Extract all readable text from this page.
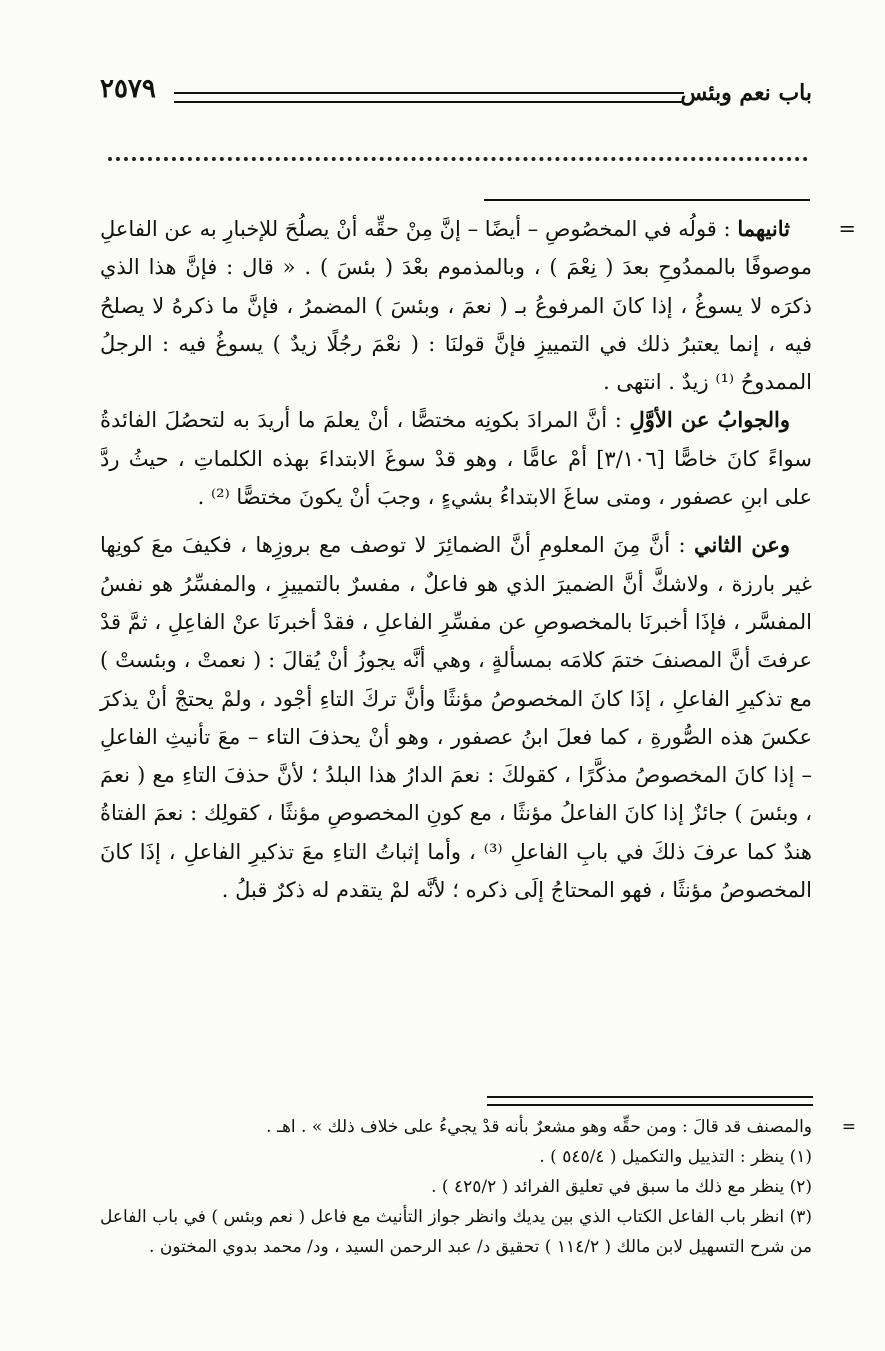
باب نعم وبئس
٢٥٧٩
=

ثانيهما : قولُه في المخصُوصِ – أيضًا – إنَّ مِنْ حقِّه أنْ يصلُحَ للإخبارِ به عن الفاعلِ موصوفًا بالممدُوحِ بعدَ ( نِعْمَ ) ، وبالمذموم بعْدَ ( بئسَ ) . « قال : فإنَّ هذا الذي ذكرَه لا يسوغُ ، إذا كانَ المرفوعُ بـ ( نعمَ ، وبئسَ ) المضمرُ ، فإنَّ ما ذكرهُ لا يصلحُ فيه ، إنما يعتبرُ ذلك في التمييزِ فإنَّ قولنَا : ( نعْمَ رجُلًا زيدٌ ) يسوغُ فيه : الرجلُ الممدوحُ ⁽¹⁾ زيدٌ . انتهى .

والجوابُ عن الأوَّلِ : أنَّ المرادَ بكونِه مختصًّا ، أنْ يعلمَ ما أريدَ به لتحصُلَ الفائدةُ سواءً كانَ خاصًّا [٣/١٠٦] أمْ عامًّا ، وهو قدْ سوغَ الابتداءَ بهذه الكلماتِ ، حيثُ ردَّ على ابنِ عصفور ، ومتى ساغَ الابتداءُ بشيءٍ ، وجبَ أنْ يكونَ مختصًّا ⁽²⁾ .

وعن الثاني : أنَّ مِنَ المعلومِ أنَّ الضمائِرَ لا توصف مع بروزِها ، فكيفَ معَ كونِها غير بارزة ، ولاشكَّ أنَّ الضميرَ الذي هو فاعلٌ ، مفسرٌ بالتمييزِ ، والمفسِّرُ هو نفسُ المفسَّر ، فإذَا أخبرنَا بالمخصوصِ عن مفسِّرِ الفاعلِ ، فقدْ أخبرنَا عنْ الفاعِلِ ، ثمَّ قدْ عرفتَ أنَّ المصنفَ ختمَ كلامَه بمسألةٍ ، وهي أنَّه يجوزُ أنْ يُقالَ : ( نعمتْ ، وبئستْ ) مع تذكيرِ الفاعلِ ، إذَا كانَ المخصوصُ مؤنثًا وأنَّ تركَ التاءِ أجْود ، ولمْ يحتجْ أنْ يذكرَ عكسَ هذه الصُّورةِ ، كما فعلَ ابنُ عصفور ، وهو أنْ يحذفَ التاء – معَ تأنيثِ الفاعلِ – إذا كانَ المخصوصُ مذكَّرًا ، كقولكَ : نعمَ الدارُ هذا البلدُ ؛ لأنَّ حذفَ التاءِ مع ( نعمَ ، وبئسَ ) جائزٌ إذا كانَ الفاعلُ مؤنثًا ، مع كونِ المخصوصِ مؤنثًا ، كقولِك : نعمَ الفتاةُ هندٌ كما عرفَ ذلكَ في بابِ الفاعلِ ⁽³⁾ ، وأما إثباتُ التاءِ معَ تذكيرِ الفاعلِ ، إذَا كانَ المخصوصُ مؤنثًا ، فهو المحتاجُ إلَى ذكره ؛ لأنَّه لمْ يتقدم له ذكرٌ قبلُ .

=
والمصنف قد قالَ : ومن حقِّه وهو مشعرٌ بأنه قدْ يجيءُ على خلاف ذلك » . اهـ .

(١) ينظر : التذييل والتكميل ( ٥٤٥/٤ ) .

(٢) ينظر مع ذلك ما سبق في تعليق الفرائد ( ٤٢٥/٢ ) .

(٣) انظر باب الفاعل الكتاب الذي بين يديك وانظر جواز التأنيث مع فاعل ( نعم وبئس ) في باب الفاعل من شرح التسهيل لابن مالك ( ١١٤/٢ ) تحقيق د/ عبد الرحمن السيد ، ود/ محمد بدوي المختون .
